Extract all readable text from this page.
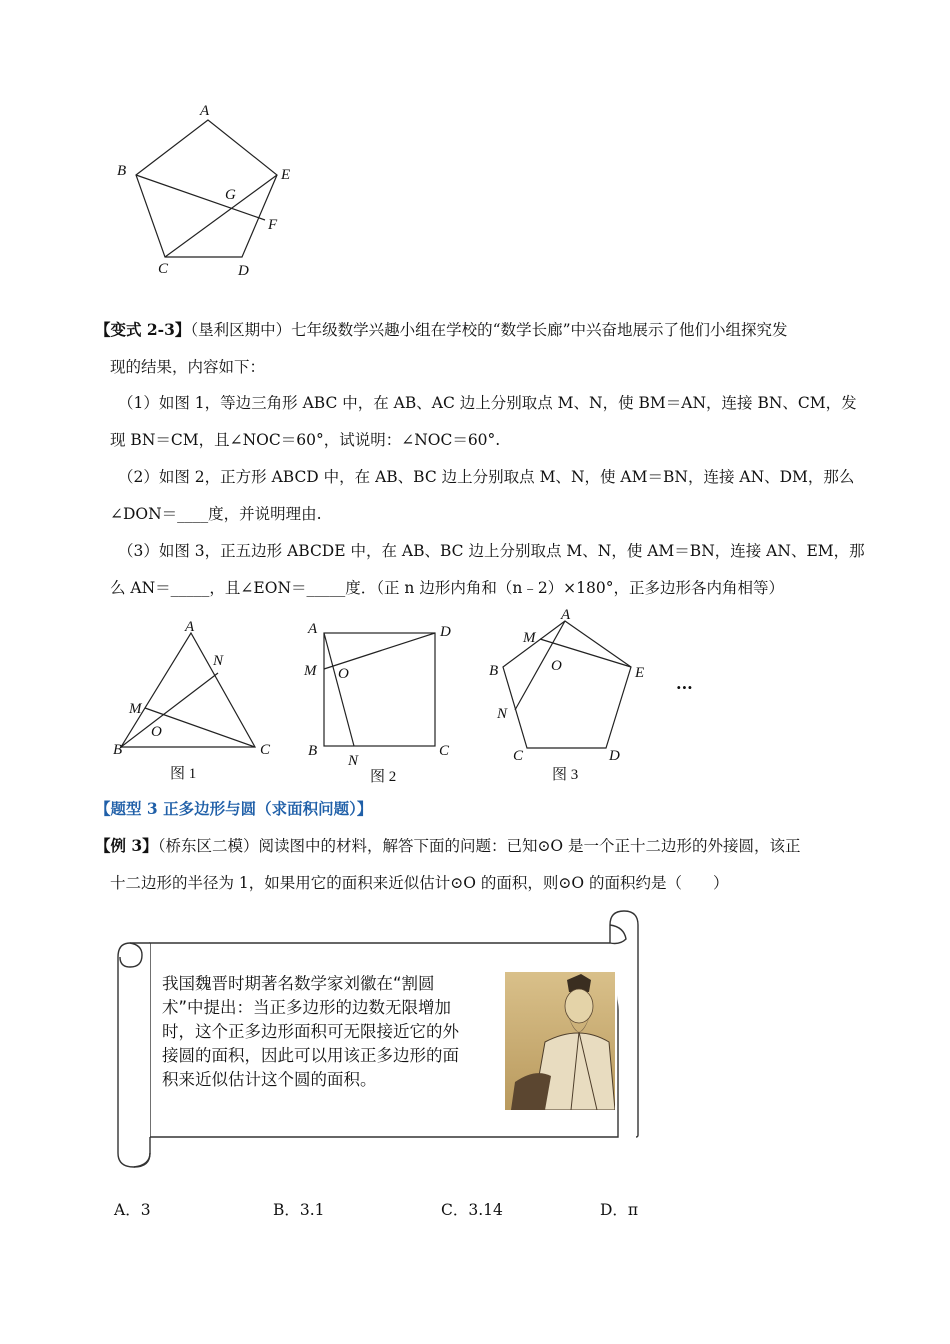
A
B	E
G
F
C	D
【变式 2-3】（垦利区期中）七年级数学兴趣小组在学校的“数学长廊”中兴奋地展示了他们小组探究发
现的结果，内容如下：
（1）如图 1，等边三角形 ABC 中，在 AB、AC 边上分别取点 M、N，使 BM＝AN，连接 BN、CM，发
现 BN＝CM，且∠NOC＝60°，试说明：∠NOC＝60°.
（2）如图 2，正方形 ABCD 中，在 AB、BC 边上分别取点 M、N，使 AM＝BN，连接 AN、DM，那么
∠DON＝____度，并说明理由.
（3）如图 3，正五边形 ABCDE 中，在 AB、BC 边上分别取点 M、N，使 AM＝BN，连接 AN、EM，那
么 AN＝_____，且∠EON＝_____度．（正 n 边形内角和（n﹣2）×180°，正多边形各内角相等）
A
N
M
O
B	C
图 1
A	D
M O
B
N
C
图 2
A
M
O
B	E
N
C	D
图 3
...
【题型 3 正多边形与圆（求面积问题）】
【例 3】（桥东区二模）阅读图中的材料，解答下面的问题：已知⊙O 是一个正十二边形的外接圆，该正
十二边形的半径为 1，如果用它的面积来近似估计⊙O 的面积，则⊙O 的面积约是（　　）
我国魏晋时期著名数学家刘徽在“割圆
术”中提出：当正多边形的边数无限增加
时，这个正多边形面积可无限接近它的外
接圆的面积，因此可以用该正多边形的面
积来近似估计这个圆的面积。
A．3	B．3.1	C．3.14	D．π
